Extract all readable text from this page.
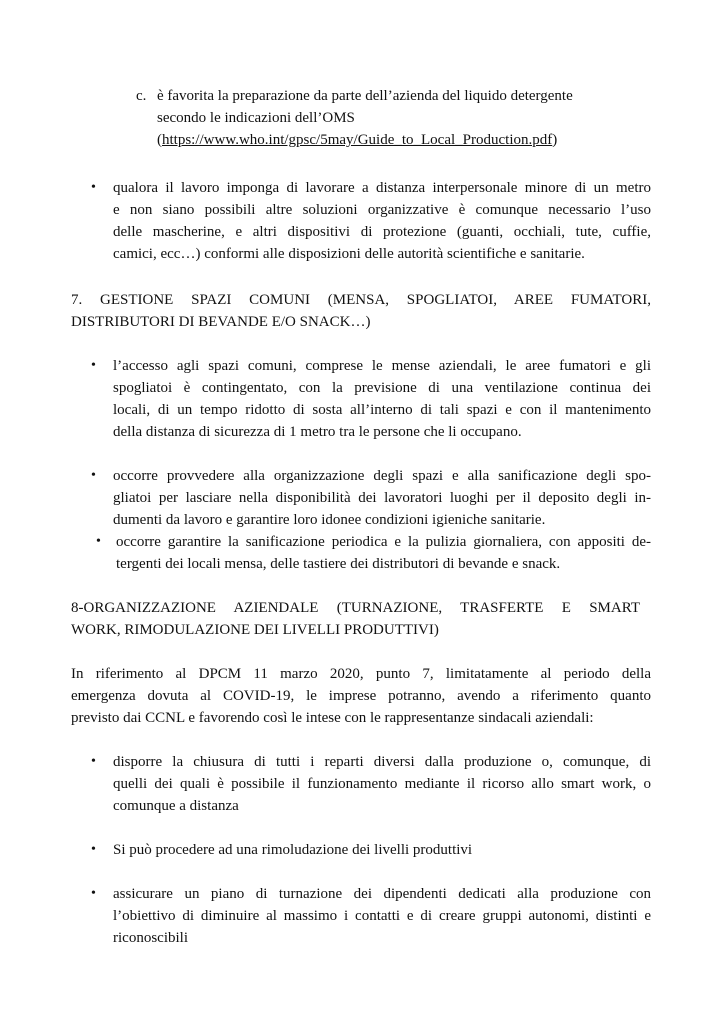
c. è favorita la preparazione da parte dell’azienda del liquido detergente
secondo le indicazioni dell’OMS
(https://www.who.int/gpsc/5may/Guide_to_Local_Production.pdf)
• qualora il lavoro imponga di lavorare a distanza interpersonale minore di un metro
e non siano possibili altre soluzioni organizzative è comunque necessario l’uso
delle mascherine, e altri dispositivi di protezione (guanti, occhiali, tute, cuffie,
camici, ecc…) conformi alle disposizioni delle autorità scientifiche e sanitarie.
7. GESTIONE SPAZI COMUNI (MENSA, SPOGLIATOI, AREE FUMATORI,
DISTRIBUTORI DI BEVANDE E/O SNACK…)
• l’accesso agli spazi comuni, comprese le mense aziendali, le aree fumatori e gli
spogliatoi è contingentato, con la previsione di una ventilazione continua dei
locali, di un tempo ridotto di sosta all’interno di tali spazi e con il mantenimento
della distanza di sicurezza di 1 metro tra le persone che li occupano.
• occorre provvedere alla organizzazione degli spazi e alla sanificazione degli spo-
gliatoi per lasciare nella disponibilità dei lavoratori luoghi per il deposito degli in-
dumenti da lavoro e garantire loro idonee condizioni igieniche sanitarie.
• occorre garantire la sanificazione periodica e la pulizia giornaliera, con appositi de-
tergenti dei locali mensa, delle tastiere dei distributori di bevande e snack.
8-ORGANIZZAZIONE AZIENDALE (TURNAZIONE, TRASFERTE E SMART
WORK, RIMODULAZIONE DEI LIVELLI PRODUTTIVI)
In riferimento al DPCM 11 marzo 2020, punto 7, limitatamente al periodo della
emergenza dovuta al COVID-19, le imprese potranno, avendo a riferimento quanto
previsto dai CCNL e favorendo così le intese con le rappresentanze sindacali aziendali:
• disporre la chiusura di tutti i reparti diversi dalla produzione o, comunque, di
quelli dei quali è possibile il funzionamento mediante il ricorso allo smart work, o
comunque a distanza
• Si può procedere ad una rimoludazione dei livelli produttivi
• assicurare un piano di turnazione dei dipendenti dedicati alla produzione con
l’obiettivo di diminuire al massimo i contatti e di creare gruppi autonomi, distinti e
riconoscibili
